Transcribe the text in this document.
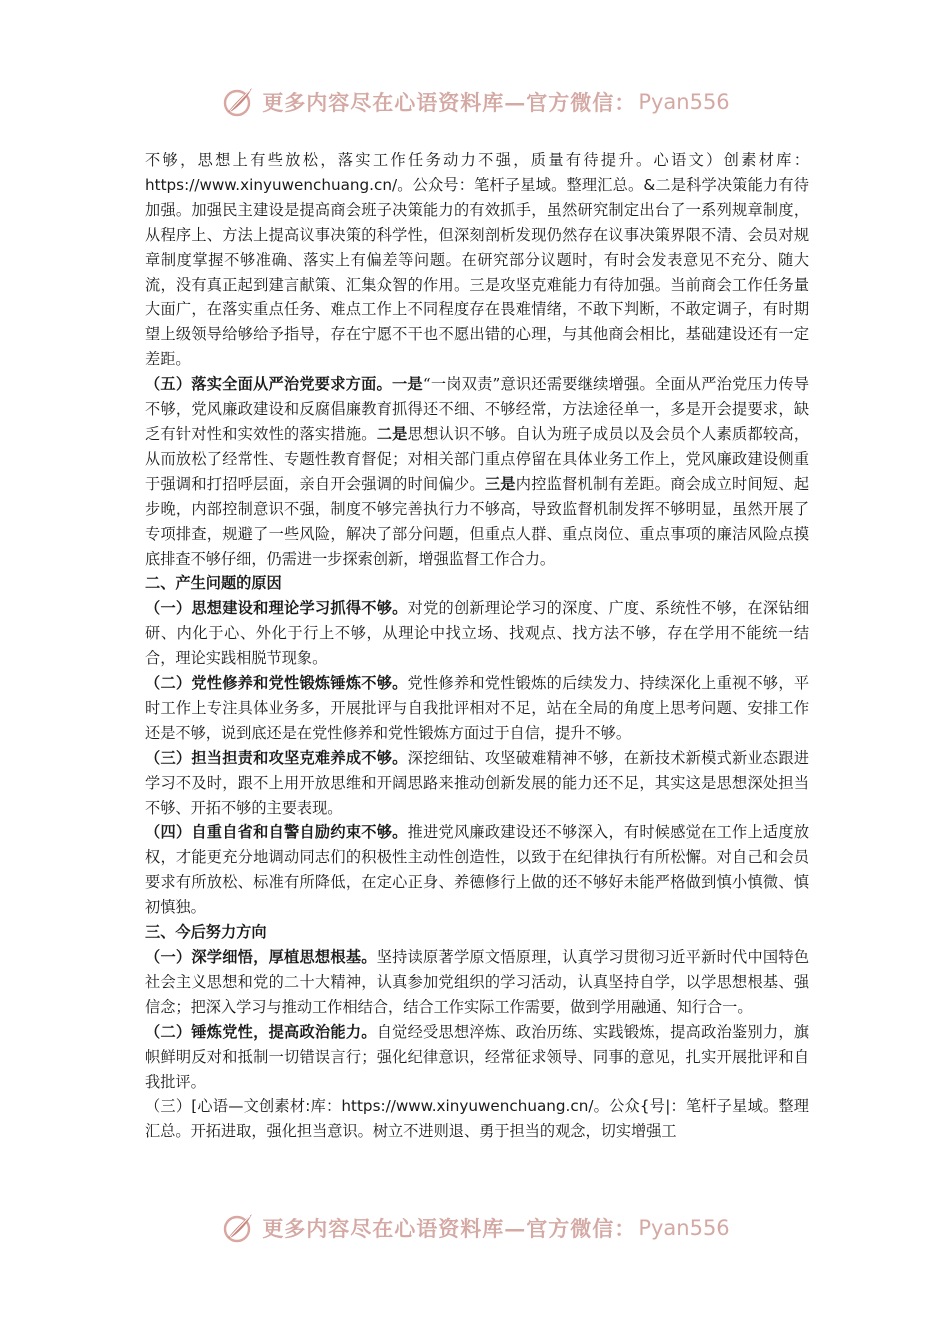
更多内容尽在心语资料库—官方微信： Pyan556

不够，思想上有些放松，落实工作任务动力不强，质量有待提升。心语文）创素材库：https://www.xinyuwenchuang.cn/。公众号：笔杆子星域。整理汇总。&二是科学决策能力有待加强。加强民主建设是提高商会班子决策能力的有效抓手，虽然研究制定出台了一系列规章制度，从程序上、方法上提高议事决策的科学性，但深刻剖析发现仍然存在议事决策界限不清、会员对规章制度掌握不够准确、落实上有偏差等问题。在研究部分议题时，有时会发表意见不充分、随大流，没有真正起到建言献策、汇集众智的作用。三是攻坚克难能力有待加强。当前商会工作任务量大面广，在落实重点任务、难点工作上不同程度存在畏难情绪，不敢下判断，不敢定调子，有时期望上级领导给够给予指导，存在宁愿不干也不愿出错的心理，与其他商会相比，基础建设还有一定差距。

（五）落实全面从严治党要求方面。一是“一岗双责”意识还需要继续增强。全面从严治党压力传导不够，党风廉政建设和反腐倡廉教育抓得还不细、不够经常，方法途径单一，多是开会提要求，缺乏有针对性和实效性的落实措施。二是思想认识不够。自认为班子成员以及会员个人素质都较高，从而放松了经常性、专题性教育督促；对相关部门重点停留在具体业务工作上，党风廉政建设侧重于强调和打招呼层面，亲自开会强调的时间偏少。三是内控监督机制有差距。商会成立时间短、起步晚，内部控制意识不强，制度不够完善执行力不够高，导致监督机制发挥不够明显，虽然开展了专项排查，规避了一些风险，解决了部分问题，但重点人群、重点岗位、重点事项的廉洁风险点摸底排查不够仔细，仍需进一步探索创新，增强监督工作合力。

二、产生问题的原因

（一）思想建设和理论学习抓得不够。对党的创新理论学习的深度、广度、系统性不够，在深钻细研、内化于心、外化于行上不够，从理论中找立场、找观点、找方法不够，存在学用不能统一结合，理论实践相脱节现象。

（二）党性修养和党性锻炼锤炼不够。党性修养和党性锻炼的后续发力、持续深化上重视不够，平时工作上专注具体业务多，开展批评与自我批评相对不足，站在全局的角度上思考问题、安排工作还是不够，说到底还是在党性修养和党性锻炼方面过于自信，提升不够。

（三）担当担责和攻坚克难养成不够。深挖细钻、攻坚破难精神不够，在新技术新模式新业态跟进学习不及时，跟不上用开放思维和开阔思路来推动创新发展的能力还不足，其实这是思想深处担当不够、开拓不够的主要表现。

（四）自重自省和自警自励约束不够。推进党风廉政建设还不够深入，有时候感觉在工作上适度放权，才能更充分地调动同志们的积极性主动性创造性，以致于在纪律执行有所松懈。对自己和会员要求有所放松、标准有所降低，在定心正身、养德修行上做的还不够好未能严格做到慎小慎微、慎初慎独。

三、今后努力方向

（一）深学细悟，厚植思想根基。坚持读原著学原文悟原理，认真学习贯彻习近平新时代中国特色社会主义思想和党的二十大精神，认真参加党组织的学习活动，认真坚持自学，以学思想根基、强信念；把深入学习与推动工作相结合，结合工作实际工作需要，做到学用融通、知行合一。

（二）锤炼党性，提高政治能力。自觉经受思想淬炼、政治历练、实践锻炼，提高政治鉴别力，旗帜鲜明反对和抵制一切错误言行；强化纪律意识，经常征求领导、同事的意见，扎实开展批评和自我批评。

（三）[心语—文创素材:库：https://www.xinyuwenchuang.cn/。公众{号|：笔杆子星域。整理汇总。开拓进取，强化担当意识。树立不进则退、勇于担当的观念，切实增强工

更多内容尽在心语资料库—官方微信： Pyan556
